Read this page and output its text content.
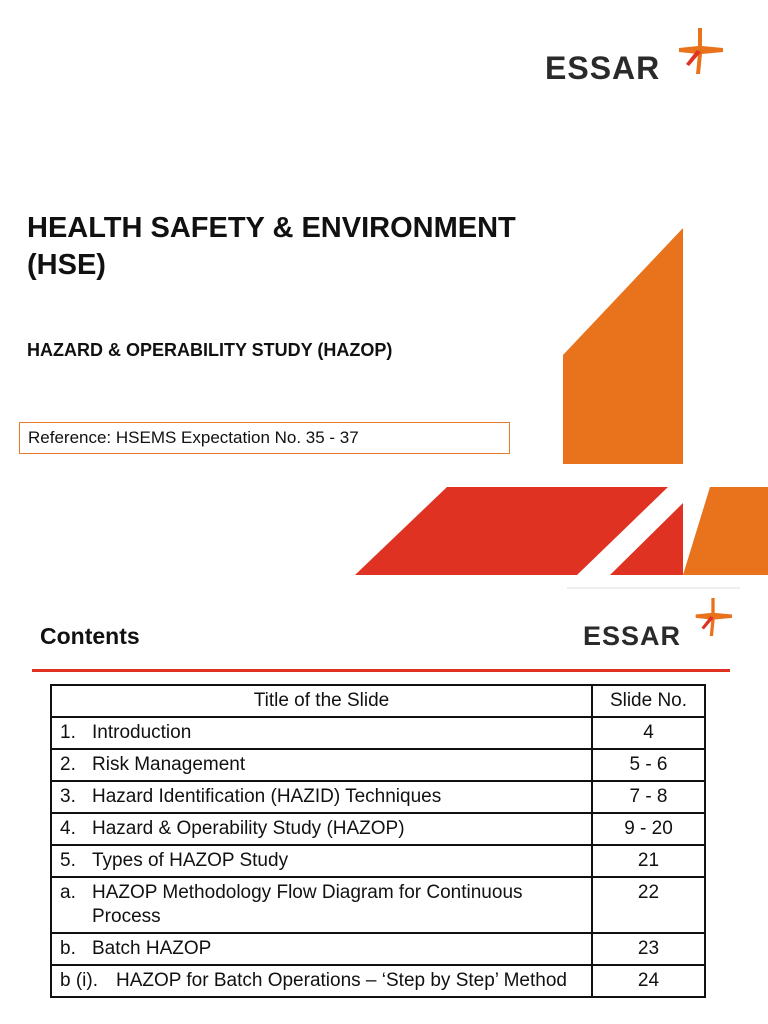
ESSAR
HEALTH SAFETY & ENVIRONMENT (HSE)
HAZARD & OPERABILITY STUDY (HAZOP)
Reference: HSEMS Expectation No. 35 - 37
ESSAR
Contents
Title of the Slide	Slide No.

1. Introduction	4

2. Risk Management	5 - 6

3. Hazard Identification (HAZID) Techniques	7 - 8

4. Hazard & Operability Study (HAZOP)	9 - 20

5. Types of HAZOP Study	21

a. HAZOP Methodology Flow Diagram for Continuous Process	22

b. Batch HAZOP	23

b (i). HAZOP for Batch Operations – ‘Step by Step’ Method	24
